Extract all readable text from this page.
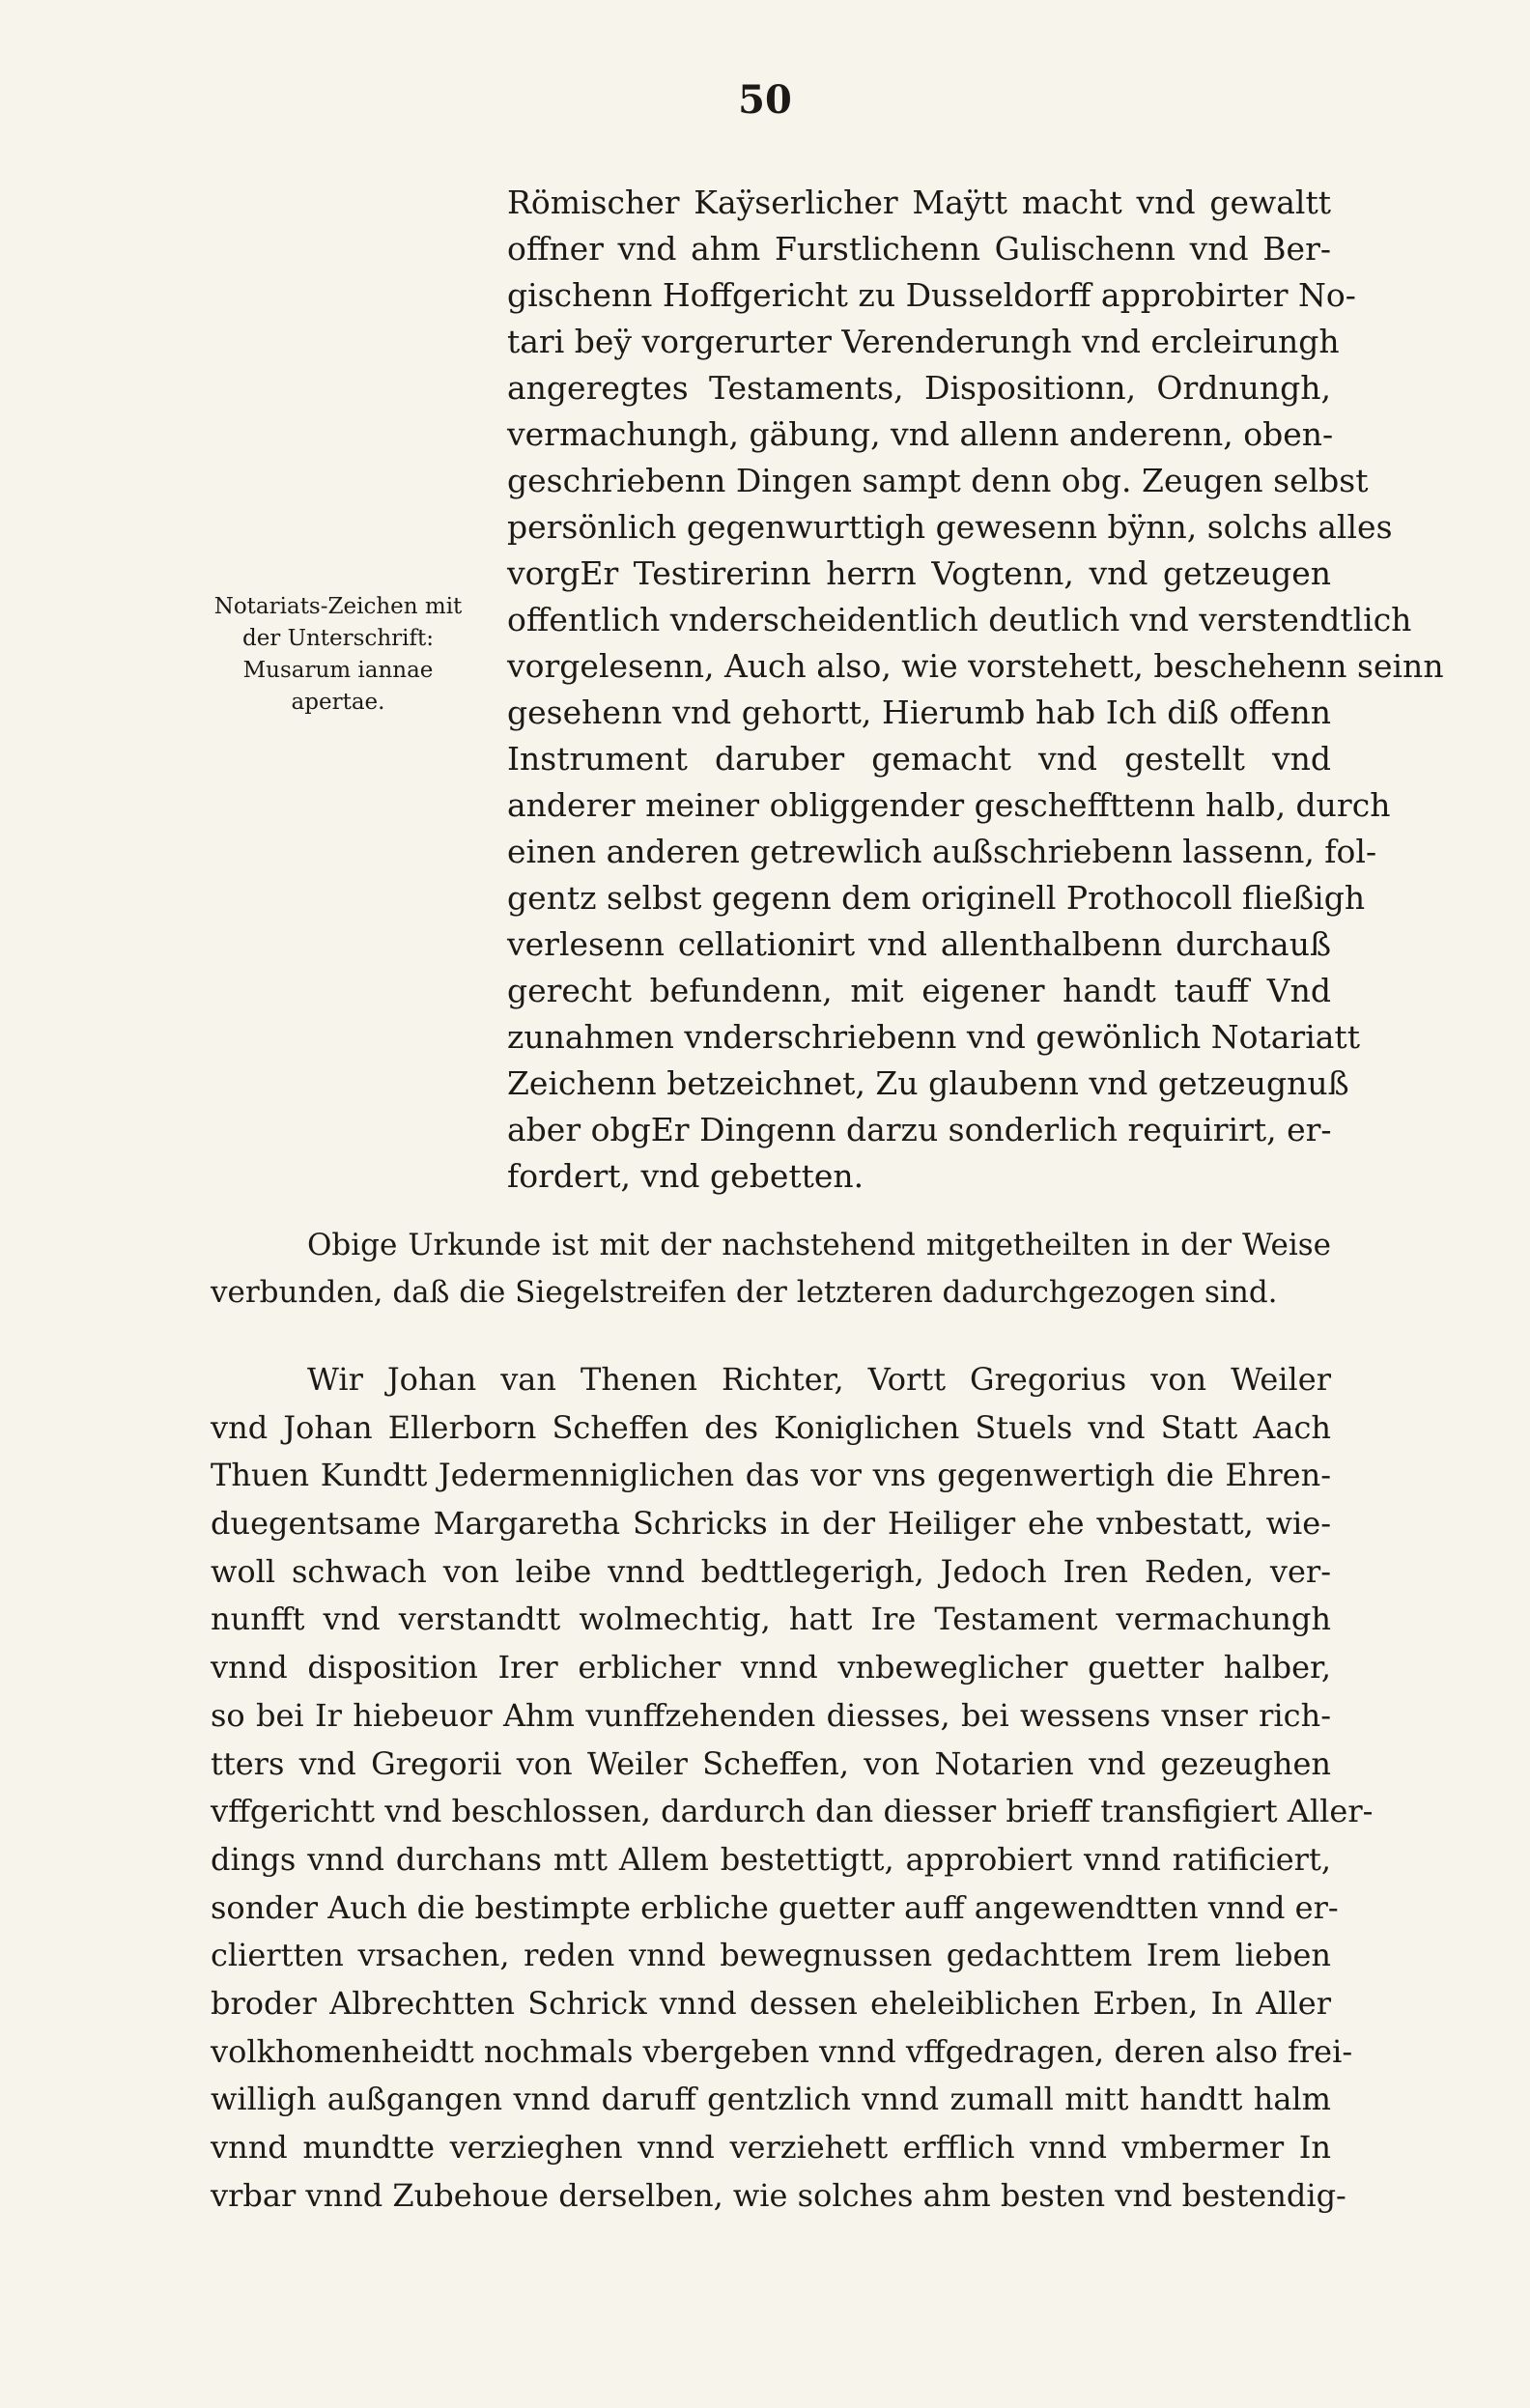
50
Notariats-Zeichen mit
der Unterschrift:
Musarum iannae
apertae.
Römischer Kaÿserlicher Maÿtt macht vnd gewaltt
offner vnd ahm Furstlichenn Gulischenn vnd Ber-
gischenn Hoffgericht zu Dusseldorff approbirter No-
tari beÿ vorgerurter Verenderungh vnd ercleirungh
angeregtes Testaments, Dispositionn, Ordnungh,
vermachungh, gäbung, vnd allenn anderenn, oben-
geschriebenn Dingen sampt denn obg. Zeugen selbst
persönlich gegenwurttigh gewesenn bÿnn, solchs alles
vorgEr Testirerinn herrn Vogtenn, vnd getzeugen
offentlich vnderscheidentlich deutlich vnd verstendtlich
vorgelesenn, Auch also, wie vorstehett, beschehenn seinn
gesehenn vnd gehortt, Hierumb hab Ich diß offenn
Instrument daruber gemacht vnd gestellt vnd
anderer meiner obliggender gescheffttenn halb, durch
einen anderen getrewlich außschriebenn lassenn, fol-
gentz selbst gegenn dem originell Prothocoll fließigh
verlesenn cellationirt vnd allenthalbenn durchauß
gerecht befundenn, mit eigener handt tauff Vnd
zunahmen vnderschriebenn vnd gewönlich Notariatt
Zeichenn betzeichnet, Zu glaubenn vnd getzeugnuß
aber obgEr Dingenn darzu sonderlich requirirt, er-
fordert, vnd gebetten.
Obige Urkunde ist mit der nachstehend mitgetheilten in der Weise
verbunden, daß die Siegelstreifen der letzteren dadurchgezogen sind.
Wir Johan van Thenen Richter, Vortt Gregorius von Weiler
vnd Johan Ellerborn Scheffen des Koniglichen Stuels vnd Statt Aach
Thuen Kundtt Jedermenniglichen das vor vns gegenwertigh die Ehren-
duegentsame Margaretha Schricks in der Heiliger ehe vnbestatt, wie-
woll schwach von leibe vnnd bedttlegerigh, Jedoch Iren Reden, ver-
nunfft vnd verstandtt wolmechtig, hatt Ire Testament vermachungh
vnnd disposition Irer erblicher vnnd vnbeweglicher guetter halber,
so bei Ir hiebeuor Ahm vunffzehenden diesses, bei wessens vnser rich-
tters vnd Gregorii von Weiler Scheffen, von Notarien vnd gezeughen
vffgerichtt vnd beschlossen, dardurch dan diesser brieff transfigiert Aller-
dings vnnd durchans mtt Allem bestettigtt, approbiert vnnd ratificiert,
sonder Auch die bestimpte erbliche guetter auff angewendtten vnnd er-
cliertten vrsachen, reden vnnd bewegnussen gedachttem Irem lieben
broder Albrechtten Schrick vnnd dessen eheleiblichen Erben, In Aller
volkhomenheidtt nochmals vbergeben vnnd vffgedragen, deren also frei-
willigh außgangen vnnd daruff gentzlich vnnd zumall mitt handtt halm
vnnd mundtte verzieghen vnnd verziehett erfflich vnnd vmbermer In
vrbar vnnd Zubehoue derselben, wie solches ahm besten vnd bestendig-
